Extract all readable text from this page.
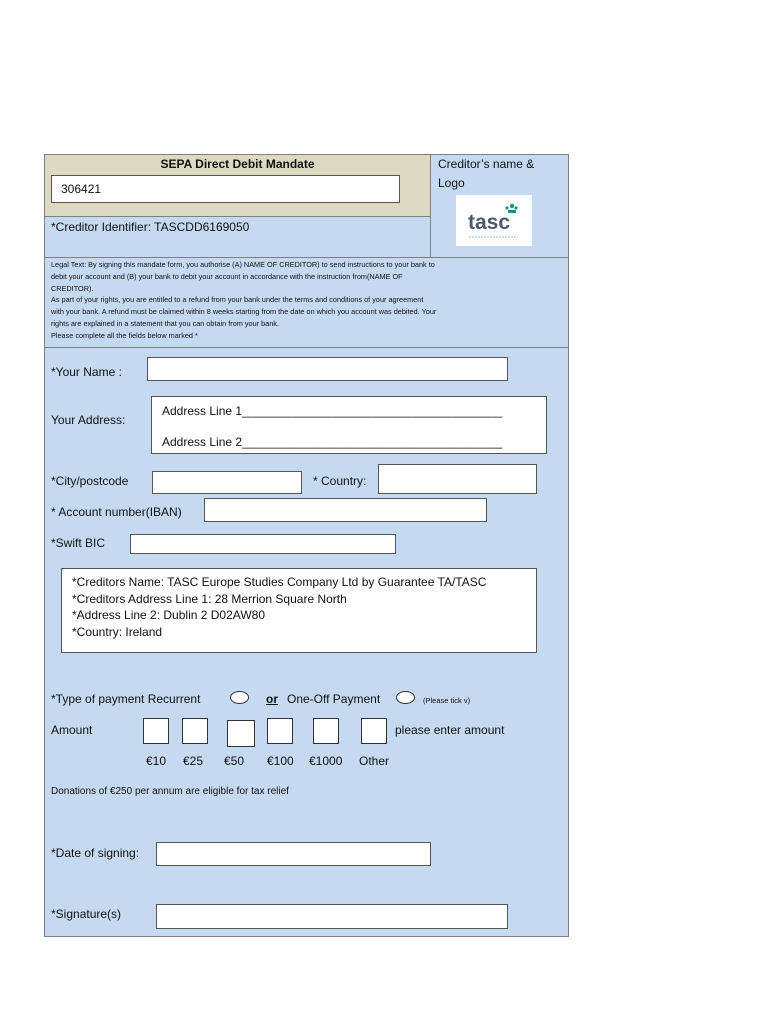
SEPA Direct Debit Mandate
306421
*Creditor Identifier: TASCDD6169050
Creditor’s name &
Logo
tasc
Legal Text: By signing this mandate form, you authorise (A) NAME OF CREDITOR) to send instructions to your bank to
debit your account and (B) your bank to debit your account in accordance with the instruction from(NAME OF
CREDITOR).
As part of your rights, you are entitled to a refund from your bank under the terms and conditions of your agreement
with your bank. A refund must be claimed within 8 weeks starting from the date on which you account was debited. Your
rights are explained in a statement that you can obtain from your bank.
Please complete all the fields below marked *
*Your Name :
Your Address:
Address Line 1_______________________________________
Address Line 2_______________________________________
*City/postcode	* Country:
* Account number(IBAN)
*Swift BIC
*Creditors Name: TASC Europe Studies Company Ltd by Guarantee TA/TASC
*Creditors Address Line 1: 28 Merrion Square North
*Address Line 2: Dublin 2 D02AW80
*Country: Ireland
*Type of payment Recurrent	or One-Off Payment	(Please tick v)
Amount	please enter amount
€10 €25 €50 €100 €1000 Other
Donations of €250 per annum are eligible for tax relief
*Date of signing:
*Signature(s)
